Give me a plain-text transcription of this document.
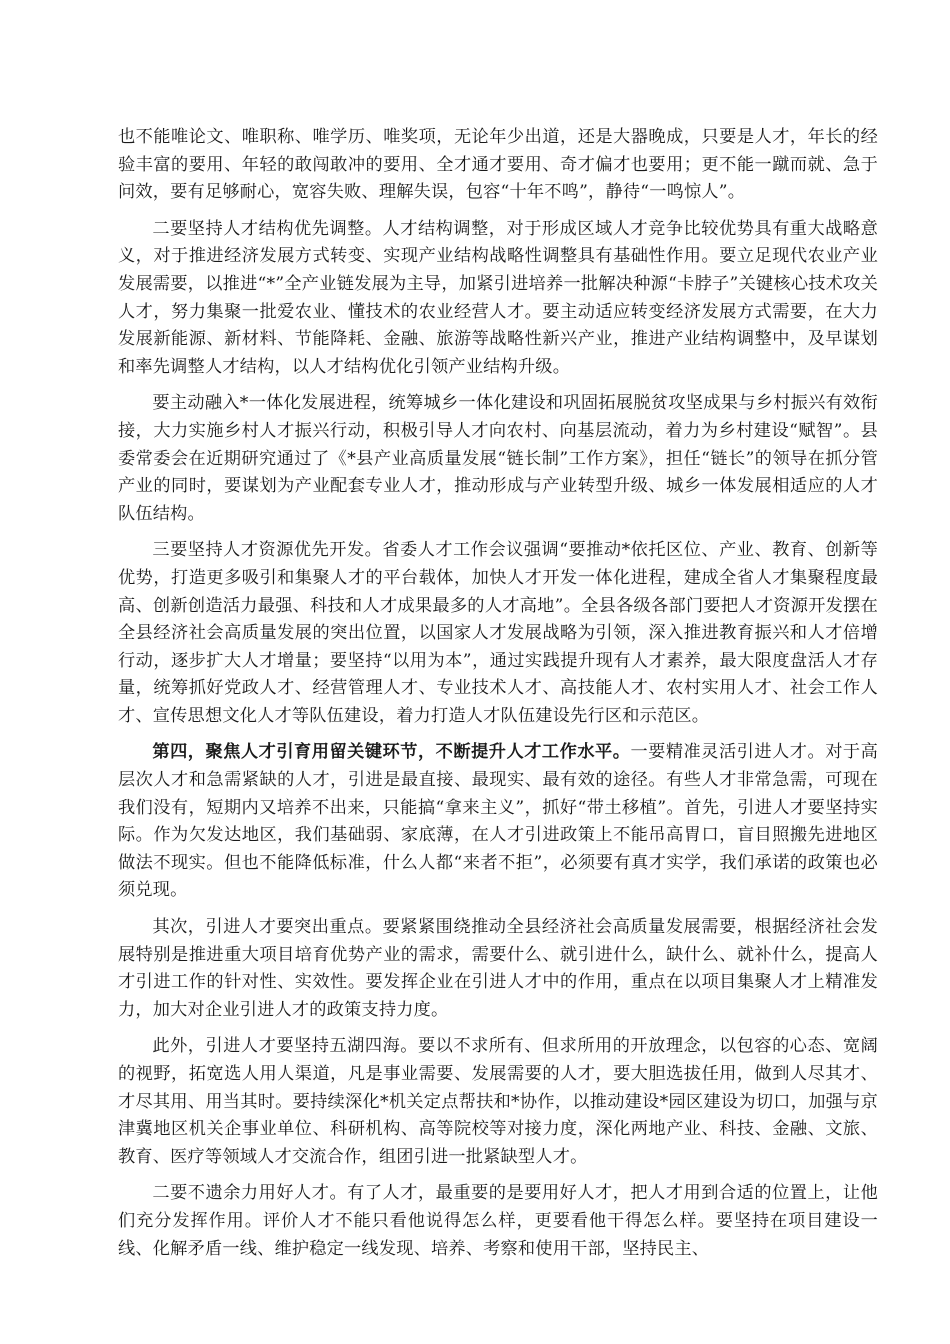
也不能唯论文、唯职称、唯学历、唯奖项，无论年少出道，还是大器晚成，只要是人才，年长的经验丰富的要用、年轻的敢闯敢冲的要用、全才通才要用、奇才偏才也要用；更不能一蹴而就、急于问效，要有足够耐心，宽容失败、理解失误，包容“十年不鸣”，静待“一鸣惊人”。

二要坚持人才结构优先调整。人才结构调整，对于形成区域人才竞争比较优势具有重大战略意义，对于推进经济发展方式转变、实现产业结构战略性调整具有基础性作用。要立足现代农业产业发展需要，以推进“*”全产业链发展为主导，加紧引进培养一批解决种源“卡脖子”关键核心技术攻关人才，努力集聚一批爱农业、懂技术的农业经营人才。要主动适应转变经济发展方式需要，在大力发展新能源、新材料、节能降耗、金融、旅游等战略性新兴产业，推进产业结构调整中，及早谋划和率先调整人才结构，以人才结构优化引领产业结构升级。

要主动融入*一体化发展进程，统筹城乡一体化建设和巩固拓展脱贫攻坚成果与乡村振兴有效衔接，大力实施乡村人才振兴行动，积极引导人才向农村、向基层流动，着力为乡村建设“赋智”。县委常委会在近期研究通过了《*县产业高质量发展“链长制”工作方案》，担任“链长”的领导在抓分管产业的同时，要谋划为产业配套专业人才，推动形成与产业转型升级、城乡一体发展相适应的人才队伍结构。

三要坚持人才资源优先开发。省委人才工作会议强调“要推动*依托区位、产业、教育、创新等优势，打造更多吸引和集聚人才的平台载体，加快人才开发一体化进程，建成全省人才集聚程度最高、创新创造活力最强、科技和人才成果最多的人才高地”。全县各级各部门要把人才资源开发摆在全县经济社会高质量发展的突出位置，以国家人才发展战略为引领，深入推进教育振兴和人才倍增行动，逐步扩大人才增量；要坚持“以用为本”，通过实践提升现有人才素养，最大限度盘活人才存量，统筹抓好党政人才、经营管理人才、专业技术人才、高技能人才、农村实用人才、社会工作人才、宣传思想文化人才等队伍建设，着力打造人才队伍建设先行区和示范区。

第四，聚焦人才引育用留关键环节，不断提升人才工作水平。一要精准灵活引进人才。对于高层次人才和急需紧缺的人才，引进是最直接、最现实、最有效的途径。有些人才非常急需，可现在我们没有，短期内又培养不出来，只能搞“拿来主义”，抓好“带土移植”。首先，引进人才要坚持实际。作为欠发达地区，我们基础弱、家底薄，在人才引进政策上不能吊高胃口，盲目照搬先进地区做法不现实。但也不能降低标准，什么人都“来者不拒”，必须要有真才实学，我们承诺的政策也必须兑现。

其次，引进人才要突出重点。要紧紧围绕推动全县经济社会高质量发展需要，根据经济社会发展特别是推进重大项目培育优势产业的需求，需要什么、就引进什么，缺什么、就补什么，提高人才引进工作的针对性、实效性。要发挥企业在引进人才中的作用，重点在以项目集聚人才上精准发力，加大对企业引进人才的政策支持力度。

此外，引进人才要坚持五湖四海。要以不求所有、但求所用的开放理念，以包容的心态、宽阔的视野，拓宽选人用人渠道，凡是事业需要、发展需要的人才，要大胆选拔任用，做到人尽其才、才尽其用、用当其时。要持续深化*机关定点帮扶和*协作，以推动建设*园区建设为切口，加强与京津冀地区机关企事业单位、科研机构、高等院校等对接力度，深化两地产业、科技、金融、文旅、教育、医疗等领域人才交流合作，组团引进一批紧缺型人才。

二要不遗余力用好人才。有了人才，最重要的是要用好人才，把人才用到合适的位置上，让他们充分发挥作用。评价人才不能只看他说得怎么样，更要看他干得怎么样。要坚持在项目建设一线、化解矛盾一线、维护稳定一线发现、培养、考察和使用干部，坚持民主、
